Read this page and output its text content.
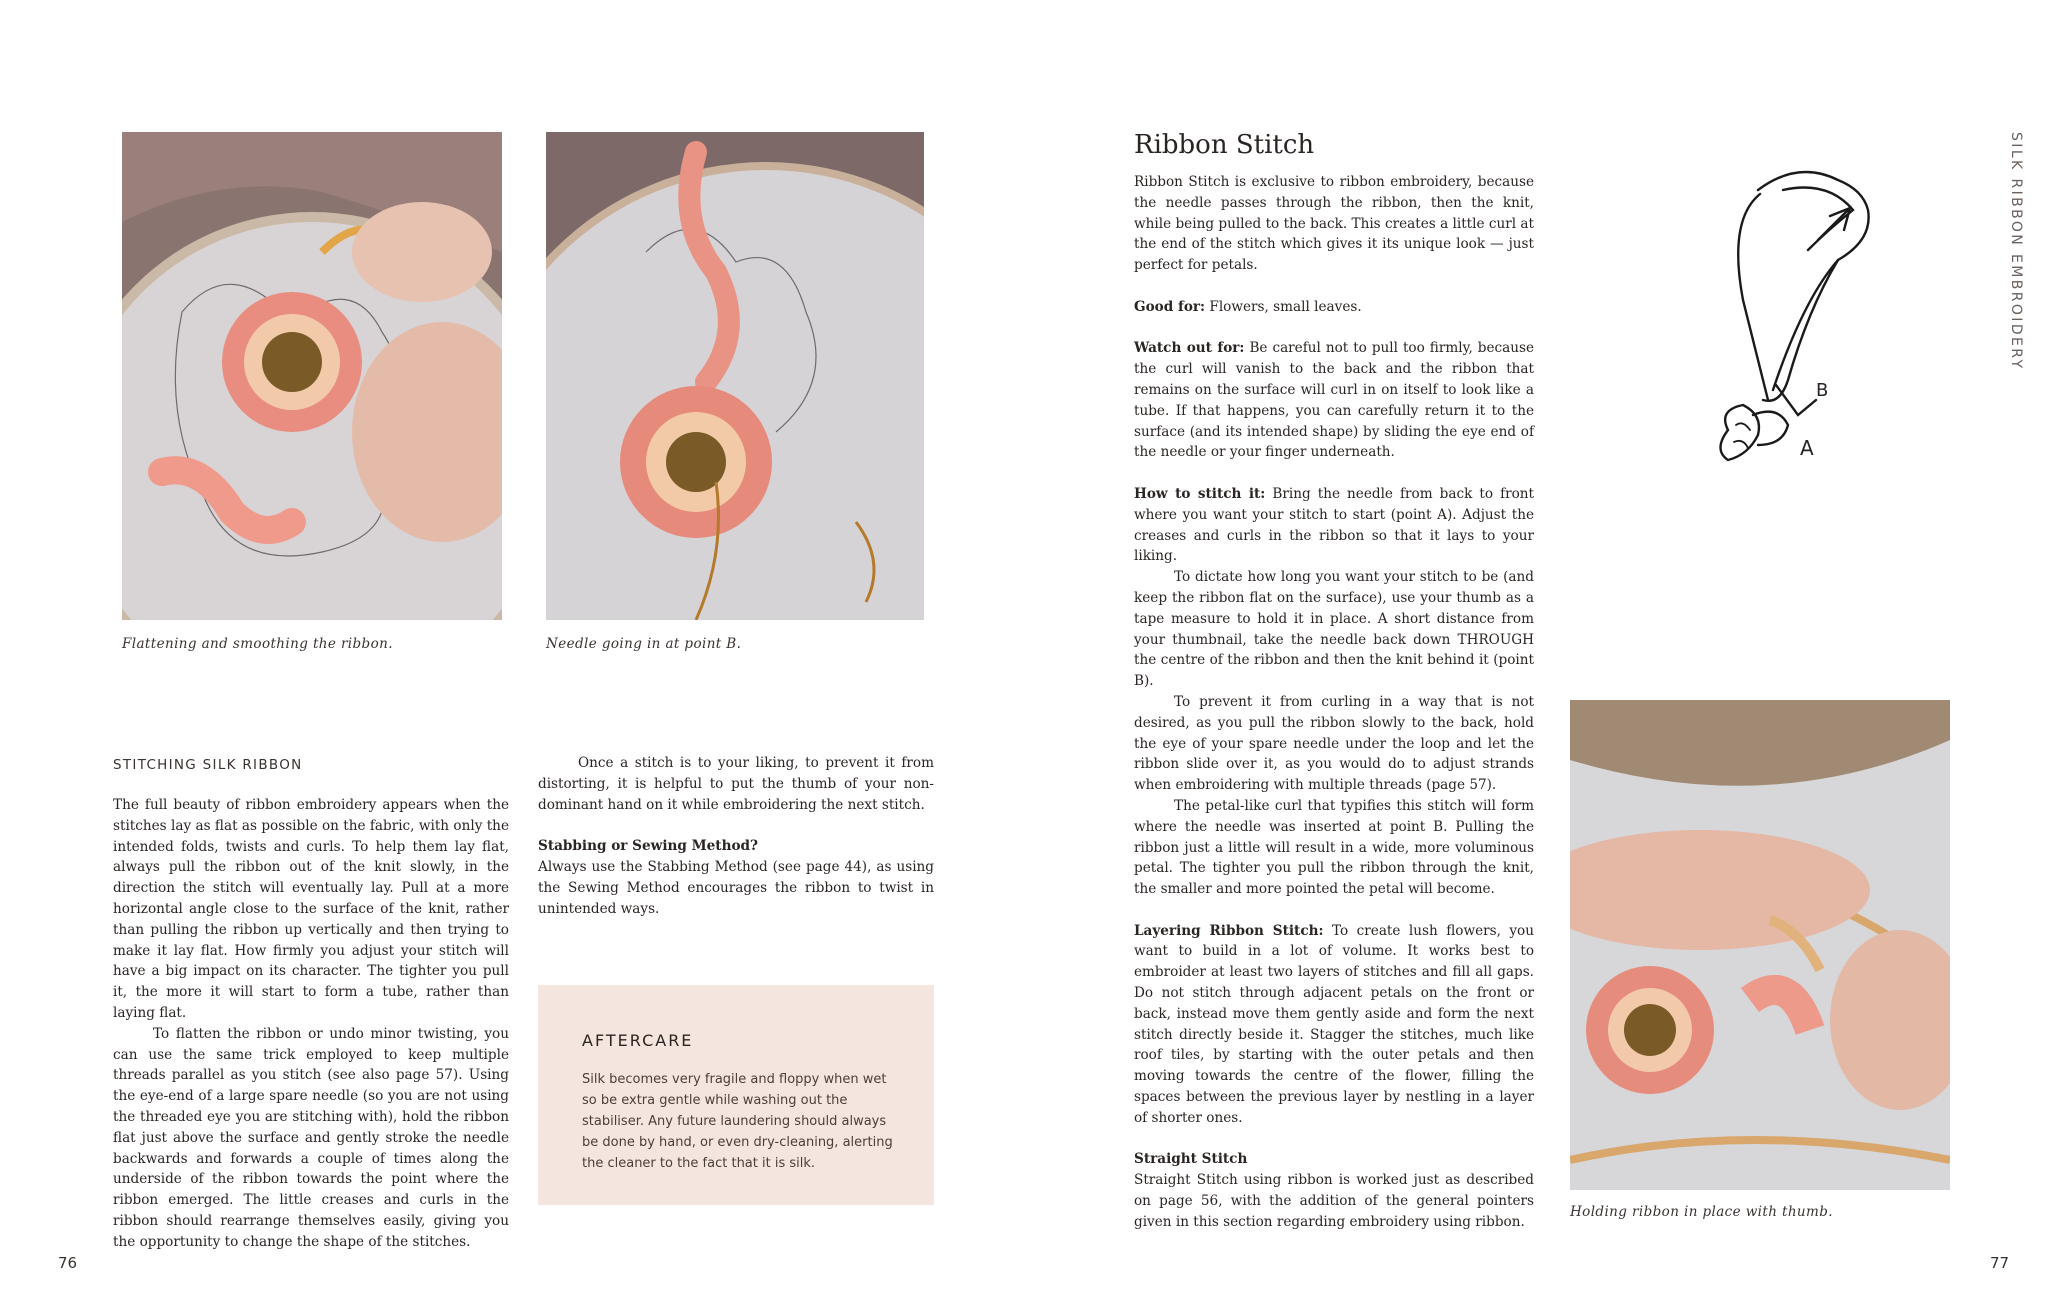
Flattening and smoothing the ribbon.	Needle going in at point B.
STITCHING SILK RIBBON

The full beauty of ribbon embroidery appears when the stitches lay as flat as possible on the fabric, with only the intended folds, twists and curls. To help them lay flat, always pull the ribbon out of the knit slowly, in the direction the stitch will eventually lay. Pull at a more horizontal angle close to the surface of the knit, rather than pulling the ribbon up vertically and then trying to make it lay flat. How firmly you adjust your stitch will have a big impact on its character. The tighter you pull it, the more it will start to form a tube, rather than laying flat.

To flatten the ribbon or undo minor twisting, you can use the same trick employed to keep multiple threads parallel as you stitch (see also page 57). Using the eye-end of a large spare needle (so you are not using the threaded eye you are stitching with), hold the ribbon flat just above the surface and gently stroke the needle backwards and forwards a couple of times along the underside of the ribbon towards the point where the ribbon emerged. The little creases and curls in the ribbon should rearrange themselves easily, giving you the opportunity to change the shape of the stitches.

Once a stitch is to your liking, to prevent it from distorting, it is helpful to put the thumb of your non-dominant hand on it while embroidering the next stitch.

Stabbing or Sewing Method?

Always use the Stabbing Method (see page 44), as using the Sewing Method encourages the ribbon to twist in unintended ways.

AFTERCARE

Silk becomes very fragile and floppy when wet so be extra gentle while washing out the stabiliser. Any future laundering should always be done by hand, or even dry-cleaning, alerting the cleaner to the fact that it is silk.

76
Ribbon Stitch

Ribbon Stitch is exclusive to ribbon embroidery, because the needle passes through the ribbon, then the knit, while being pulled to the back. This creates a little curl at the end of the stitch which gives it its unique look — just perfect for petals.

Good for: Flowers, small leaves.

Watch out for: Be careful not to pull too firmly, because the curl will vanish to the back and the ribbon that remains on the surface will curl in on itself to look like a tube. If that happens, you can carefully return it to the surface (and its intended shape) by sliding the eye end of the needle or your finger underneath.

How to stitch it: Bring the needle from back to front where you want your stitch to start (point A). Adjust the creases and curls in the ribbon so that it lays to your liking.

To dictate how long you want your stitch to be (and keep the ribbon flat on the surface), use your thumb as a tape measure to hold it in place. A short distance from your thumbnail, take the needle back down THROUGH the centre of the ribbon and then the knit behind it (point B).

To prevent it from curling in a way that is not desired, as you pull the ribbon slowly to the back, hold the eye of your spare needle under the loop and let the ribbon slide over it, as you would do to adjust strands when embroidering with multiple threads (page 57).

The petal-like curl that typifies this stitch will form where the needle was inserted at point B. Pulling the ribbon just a little will result in a wide, more voluminous petal. The tighter you pull the ribbon through the knit, the smaller and more pointed the petal will become.

Layering Ribbon Stitch: To create lush flowers, you want to build in a lot of volume. It works best to embroider at least two layers of stitches and fill all gaps. Do not stitch through adjacent petals on the front or back, instead move them gently aside and form the next stitch directly beside it. Stagger the stitches, much like roof tiles, by starting with the outer petals and then moving towards the centre of the flower, filling the spaces between the previous layer by nestling in a layer of shorter ones.

Straight Stitch

Straight Stitch using ribbon is worked just as described on page 56, with the addition of the general pointers given in this section regarding embroidery using ribbon.

B
A
Holding ribbon in place with thumb.
SILK RIBBON EMBROIDERY
77
